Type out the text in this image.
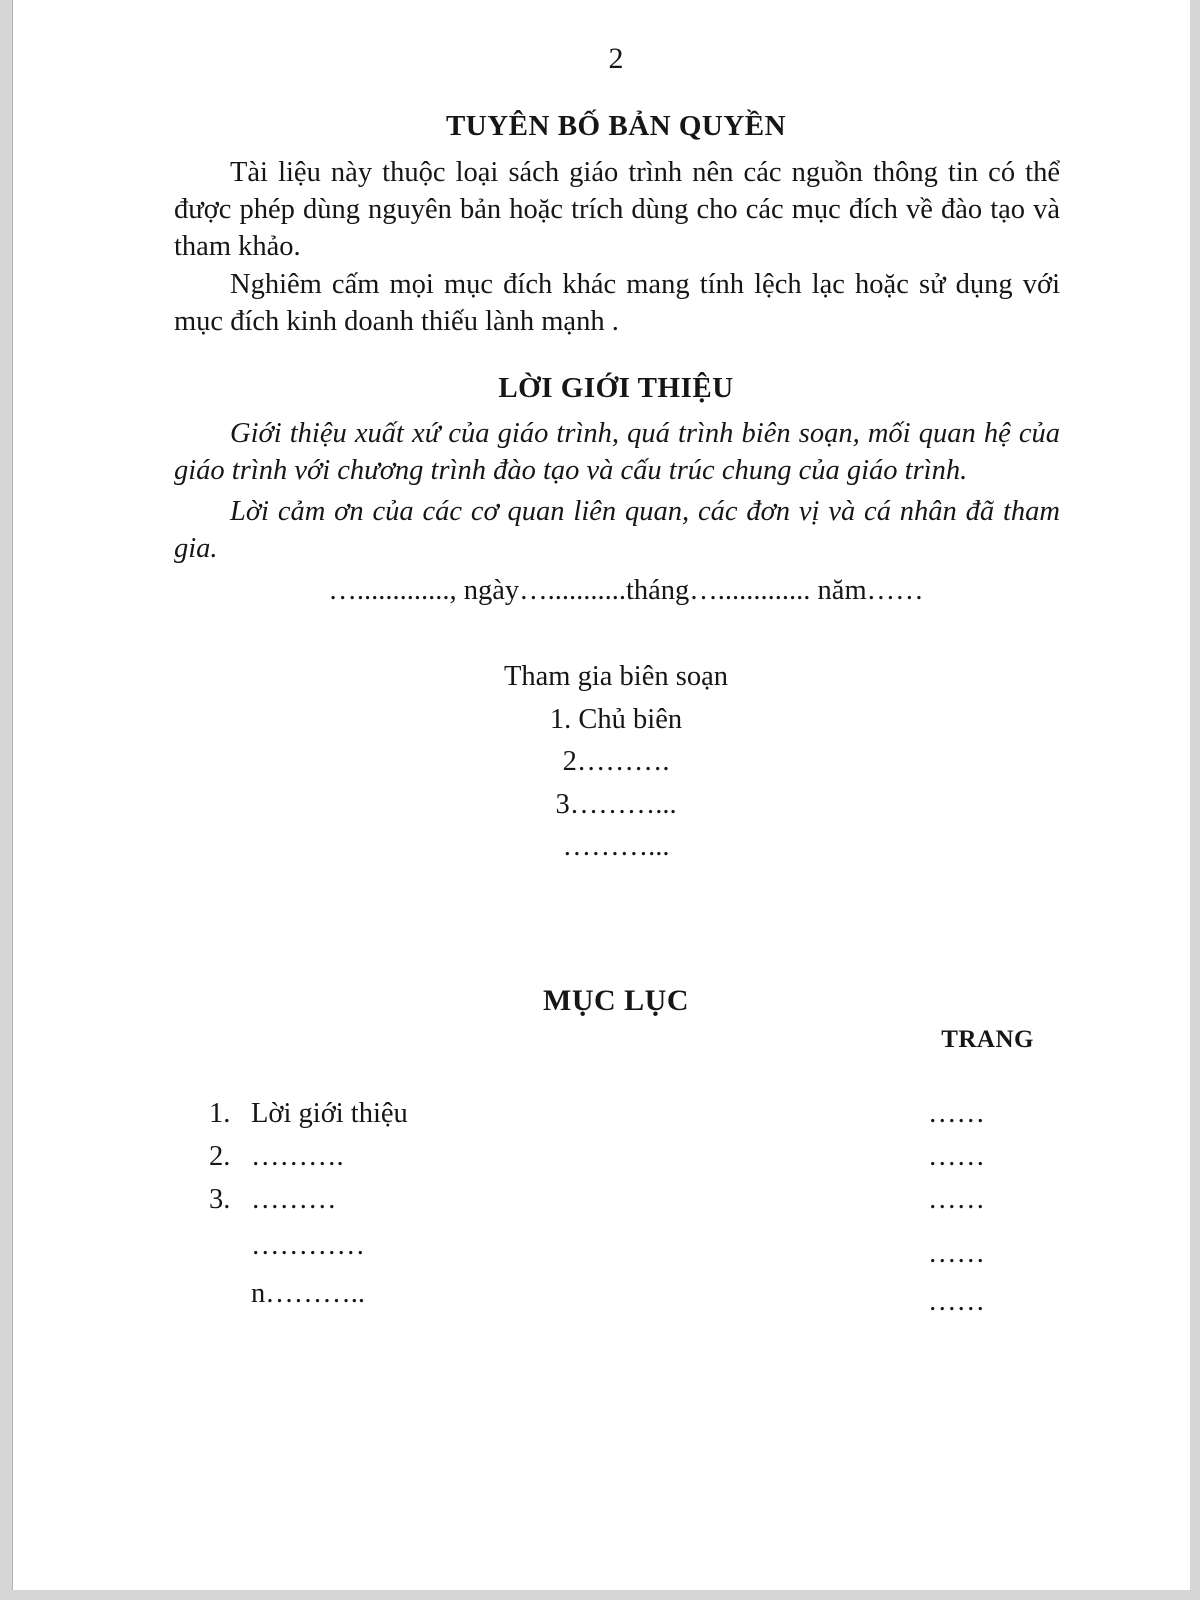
2
TUYÊN BỐ BẢN QUYỀN
Tài liệu này thuộc loại sách giáo trình nên các nguồn thông tin có thể được phép dùng nguyên bản hoặc trích dùng cho các mục đích về đào tạo và tham khảo.
Nghiêm cấm mọi mục đích khác mang tính lệch lạc hoặc sử dụng với mục đích kinh doanh thiếu lành mạnh .
LỜI GIỚI THIỆU
Giới thiệu xuất xứ của giáo trình, quá trình biên soạn, mối quan hệ của giáo trình với chương trình đào tạo và cấu trúc chung của giáo trình.
Lời cảm ơn của các cơ quan liên quan, các đơn vị và cá nhân đã tham gia.
…............., ngày…...........tháng…............. năm……
Tham gia biên soạn
1. Chủ biên
2……….
3………...
………...
MỤC LỤC
TRANG
1. Lời giới thiệu	……
2. ……….	……
3. ………	……
…………	……
n………..	……
